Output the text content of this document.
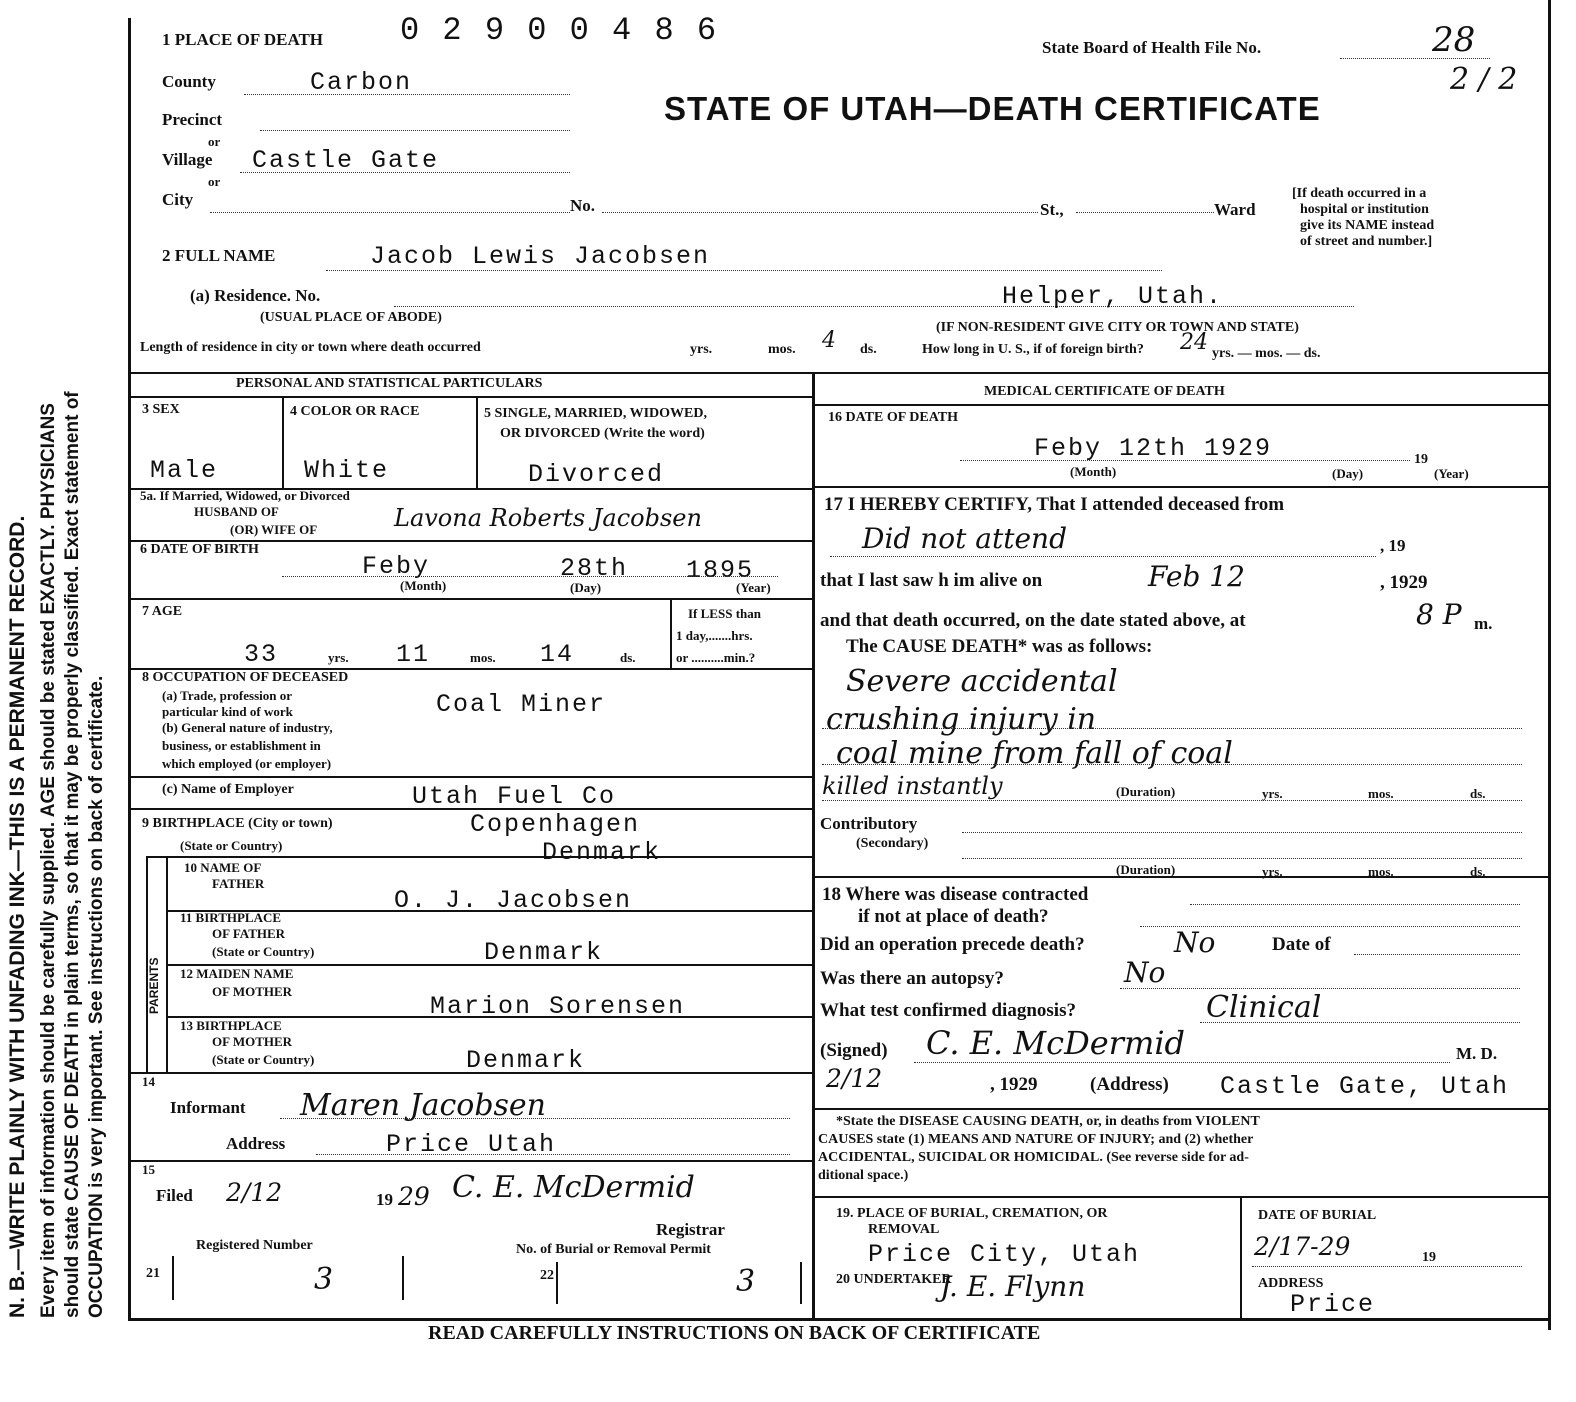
N. B.—WRITE PLAINLY WITH UNFADING INK—THIS IS A PERMANENT RECORD. Every item of information should be carefully supplied. AGE should be stated EXACTLY. PHYSICIANS should state CAUSE OF DEATH in plain terms, so that it may be properly classified. Exact statement of OCCUPATION is very important. See instructions on back of certificate.
1 PLACE OF DEATH 0 2 9 0 0 4 8 6	State Board of Health File No.	28
2 / 2
STATE OF UTAH—DEATH CERTIFICATE
County	Carbon
Precinct
or
Village Castle Gate
or
City	No.	St.,	Ward
[If death occurred in a
hospital or institution
give its NAME instead
of street and number.]
2 FULL NAME	Jacob Lewis Jacobsen
(a) Residence. No.	Helper, Utah.
(USUAL PLACE OF ABODE)
(IF NON-RESIDENT GIVE CITY OR TOWN AND STATE)
Length of residence in city or town where death occurred	yrs.	mos. 4 ds.	How long in U. S., if of foreign birth? 24 yrs. — mos. — ds.
PERSONAL AND STATISTICAL PARTICULARS
3 SEX	4 COLOR OR RACE	5 SINGLE, MARRIED, WIDOWED,
OR DIVORCED (Write the word)
Male	White	Divorced
5a. If Married, Widowed, or Divorced
HUSBAND OF
(OR) WIFE OF	Lavona Roberts Jacobsen
6 DATE OF BIRTH
Feby	28th 1895
(Month)	(Day)	(Year)
7 AGE
33	11	14
yrs.	mos.	ds.
If LESS than
1 day,.......hrs.
or ..........min.?
8 OCCUPATION OF DECEASED
(a) Trade, profession or
particular kind of work	Coal Miner
(b) General nature of industry,
business, or establishment in
which employed (or employer)
(c) Name of Employer	Utah Fuel Co
9 BIRTHPLACE (City or town)	Copenhagen
(State or Country)	Denmark
PARENTS
10 NAME OF
FATHER
O. J. Jacobsen
11 BIRTHPLACE
OF FATHER
(State or Country)	Denmark
12 MAIDEN NAME
OF MOTHER
Marion Sorensen
13 BIRTHPLACE
OF MOTHER
(State or Country)	Denmark
14
Informant Maren Jacobsen
Address	Price Utah
15
Filed 2/12	19 29 C. E. McDermid
Registrar
Registered Number	No. of Burial or Removal Permit
21	3	22	3
MEDICAL CERTIFICATE OF DEATH
16 DATE OF DEATH
Feby 12th 1929	19
(Month)	(Day)	(Year)
17 I HEREBY CERTIFY, That I attended deceased from
Did not attend	, 19
that I last saw h im alive on	Feb 12	, 1929
and that death occurred, on the date stated above, at	8 P m.
The CAUSE DEATH* was as follows:
Severe accidental
crushing injury in
coal mine from fall of coal
killed instantly	(Duration)	yrs.	mos.	ds.
Contributory
(Secondary)
(Duration)	yrs.	mos.	ds.
18 Where was disease contracted
if not at place of death?
Did an operation precede death?	No	Date of
Was there an autopsy?	No
What test confirmed diagnosis?	Clinical
(Signed) C. E. McDermid	M. D.
2/12	, 1929	(Address) Castle Gate, Utah
*State the DISEASE CAUSING DEATH, or, in deaths from VIOLENT
CAUSES state (1) MEANS AND NATURE OF INJURY; and (2) whether
ACCIDENTAL, SUICIDAL OR HOMICIDAL. (See reverse side for ad-
ditional space.)
19. PLACE OF BURIAL, CREMATION, OR
REMOVAL
Price City, Utah
DATE OF BURIAL
2/17-29	19
20 UNDERTAKER
J. E. Flynn	ADDRESS
Price
READ CAREFULLY INSTRUCTIONS ON BACK OF CERTIFICATE
